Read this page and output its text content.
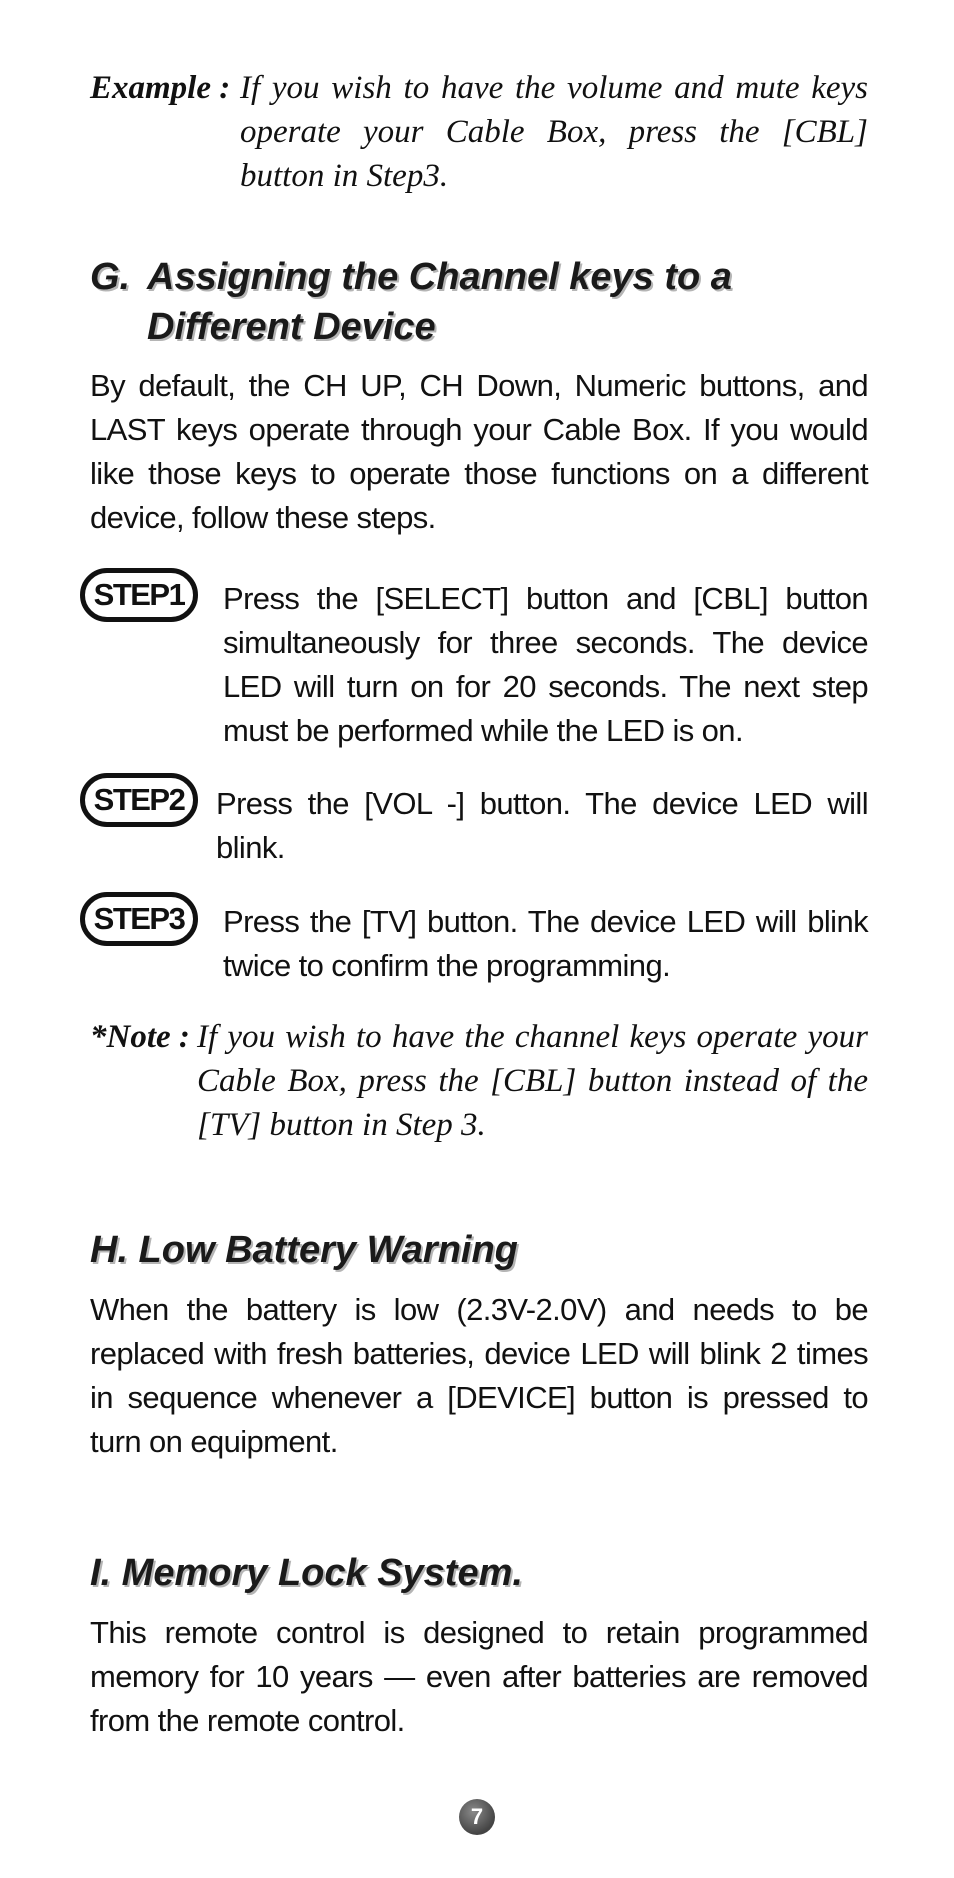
Example : If you wish to have the volume and mute keys operate your Cable Box, press the [CBL] button in Step3.

G. Assigning the Channel keys to a Different Device

By default, the CH UP, CH Down, Numeric buttons, and LAST keys operate through your Cable Box. If you would like those keys to operate those functions on a different device, follow these steps.

STEP1	Press the [SELECT] button and [CBL] button simultaneously for three seconds. The device LED will turn on for 20 seconds. The next step must be performed while the LED is on.

STEP2	Press the [VOL -] button. The device LED will blink.

STEP3	Press the [TV] button. The device LED will blink twice to confirm the programming.

*Note : If you wish to have the channel keys operate your Cable Box, press the [CBL] button instead of the [TV] button in Step 3.

H. Low Battery Warning

When the battery is low (2.3V-2.0V) and needs to be replaced with fresh batteries, device LED will blink 2 times in sequence whenever a [DEVICE] button is pressed to turn on equipment.

I. Memory Lock System.

This remote control is designed to retain programmed memory for 10 years — even after batteries are removed from the remote control.

7
